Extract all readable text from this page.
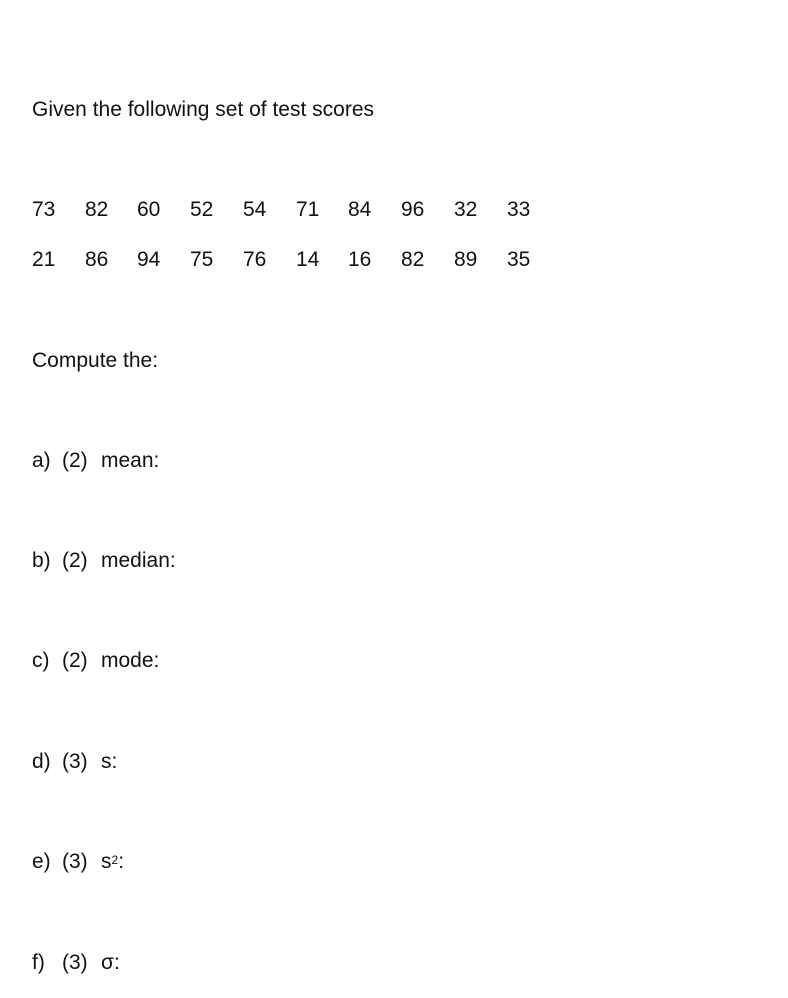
Given the following set of test scores
73	82	60	52	54	71	84	96	32	33
21	86	94	75	76	14	16	82	89	35
Compute the:
a) (2) mean:
b) (2) median:
c) (2) mode:
d) (3) s:
e) (3) $s^2$:
f) (3) σ:
